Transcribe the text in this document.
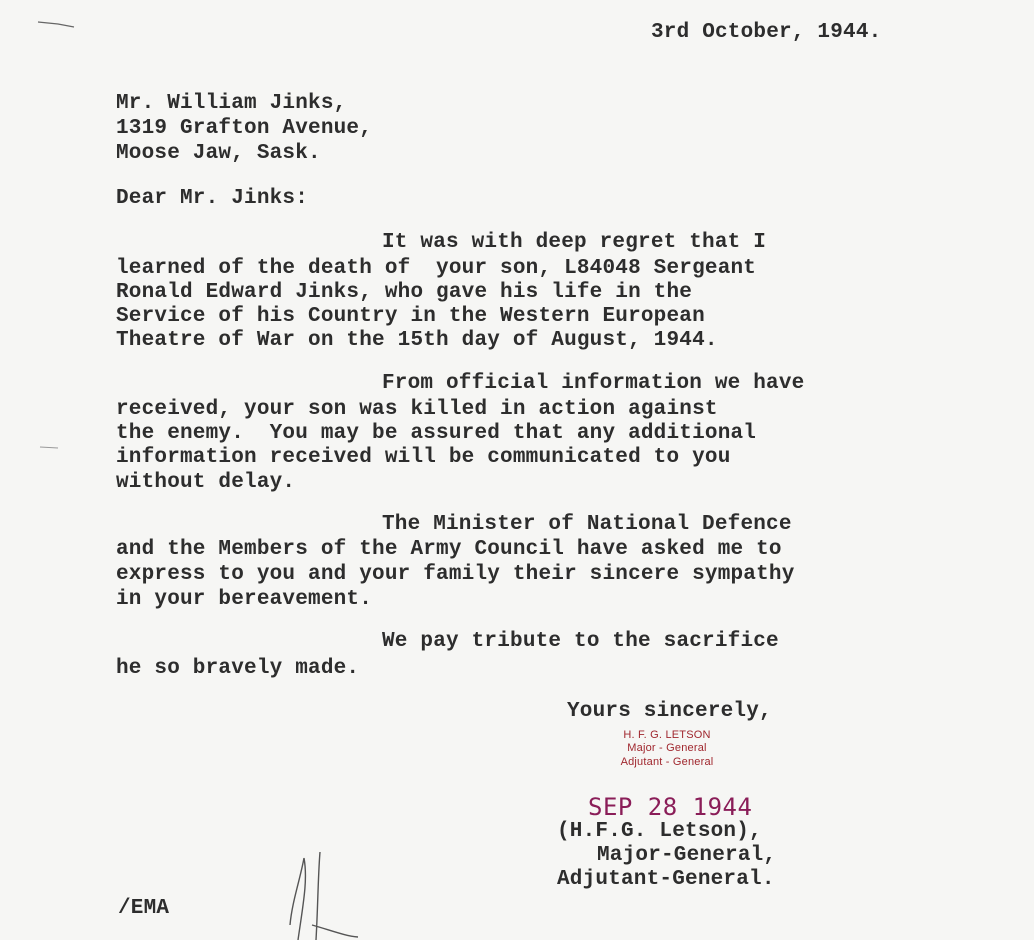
3rd October, 1944.
Mr. William Jinks,
1319 Grafton Avenue,
Moose Jaw, Sask.
Dear Mr. Jinks:
It was with deep regret that I
learned of the death of  your son, L84048 Sergeant
Ronald Edward Jinks, who gave his life in the
Service of his Country in the Western European
Theatre of War on the 15th day of August, 1944.
From official information we have
received, your son was killed in action against
the enemy.  You may be assured that any additional
information received will be communicated to you
without delay.
The Minister of National Defence
and the Members of the Army Council have asked me to
express to you and your family their sincere sympathy
in your bereavement.
We pay tribute to the sacrifice
he so bravely made.
Yours sincerely,
H. F. G. LETSON
Major - General
Adjutant - General
SEP 28 1944
(H.F.G. Letson),
Major-General,
Adjutant-General.
/EMA
